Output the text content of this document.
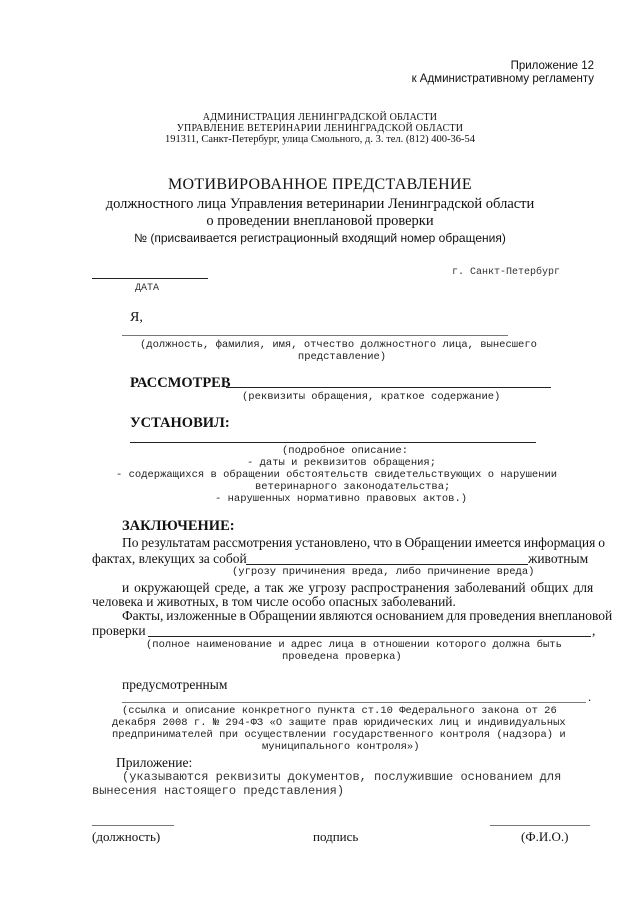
Приложение 12
к Административному регламенту
АДМИНИСТРАЦИЯ ЛЕНИНГРАДСКОЙ ОБЛАСТИ
УПРАВЛЕНИЕ ВЕТЕРИНАРИИ ЛЕНИНГРАДСКОЙ ОБЛАСТИ
191311, Санкт-Петербург, улица Смольного, д. 3. тел. (812) 400-36-54
МОТИВИРОВАННОЕ ПРЕДСТАВЛЕНИЕ
должностного лица Управления ветеринарии Ленинградской области
о проведении внеплановой проверки
№ (присваивается регистрационный входящий номер обращения)
ДАТА
г. Санкт-Петербург
Я,
(должность, фамилия, имя, отчество должностного лица, вынесшего
представление)
РАССМОТРЕВ
(реквизиты обращения, краткое содержание)
УСТАНОВИЛ:
(подробное описание:
- даты и реквизитов обращения;
- содержащихся в обращении обстоятельств свидетельствующих о нарушении
ветеринарного законодательства;
- нарушенных нормативно правовых актов.)
ЗАКЛЮЧЕНИЕ:
По результатам рассмотрения установлено, что в Обращении имеется информация о
фактах, влекущих за собой	животным
(угрозу причинения вреда, либо причинение вреда)
и окружающей среде, а так же угрозу распространения заболеваний общих для
человека и животных, в том числе особо опасных заболеваний.
Факты, изложенные в Обращении являются основанием для проведения внеплановой
проверки	,
(полное наименование и адрес лица в отношении которого должна быть
проведена проверка)
предусмотренным
.
(ссылка и описание конкретного пункта ст.10 Федерального закона от 26
декабря 2008 г. № 294-ФЗ «О защите прав юридических лиц и индивидуальных
предпринимателей при осуществлении государственного контроля (надзора) и
муниципального контроля»)
Приложение:
(указываются реквизиты документов, послужившие основанием для
вынесения настоящего представления)
(должность)	подпись	(Ф.И.О.)
